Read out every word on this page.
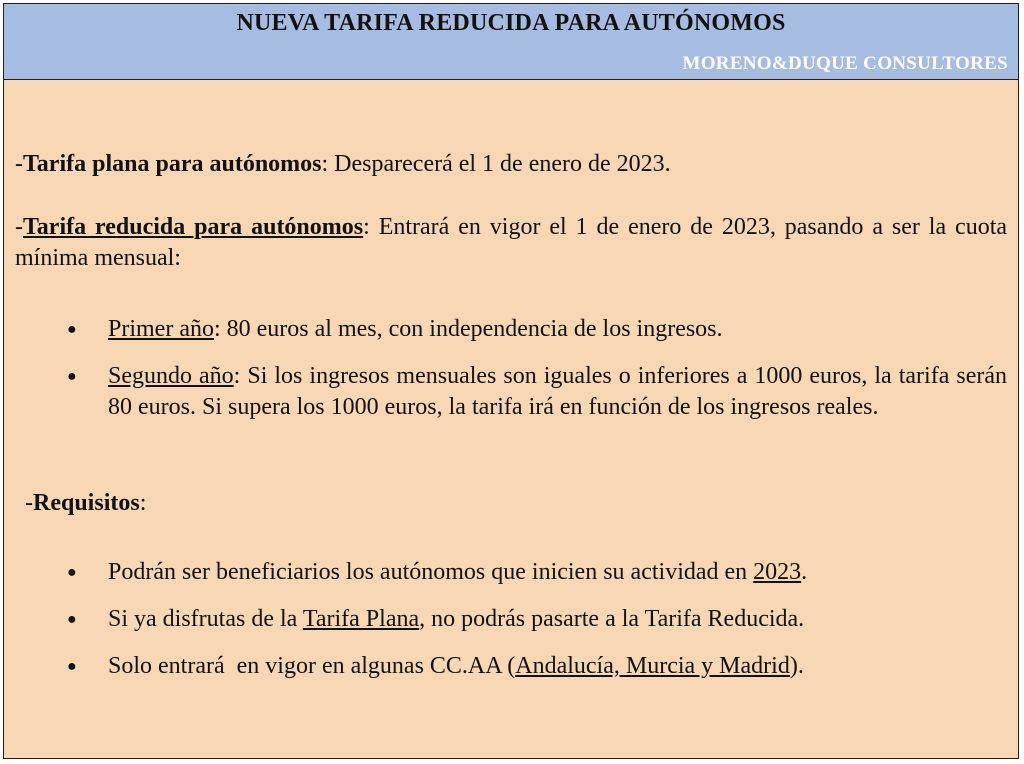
NUEVA TARIFA REDUCIDA PARA AUTÓNOMOS
MORENO&DUQUE CONSULTORES

-Tarifa plana para autónomos: Desparecerá el 1 de enero de 2023.

-Tarifa reducida para autónomos: Entrará en vigor el 1 de enero de 2023, pasando a ser la cuota mínima mensual:

● Primer año: 80 euros al mes, con independencia de los ingresos.

● Segundo año: Si los ingresos mensuales son iguales o inferiores a 1000 euros, la tarifa serán 80 euros. Si supera los 1000 euros, la tarifa irá en función de los ingresos reales.

-Requisitos:

● Podrán ser beneficiarios los autónomos que inicien su actividad en 2023.

● Si ya disfrutas de la Tarifa Plana, no podrás pasarte a la Tarifa Reducida.

● Solo entrará  en vigor en algunas CC.AA (Andalucía, Murcia y Madrid).
